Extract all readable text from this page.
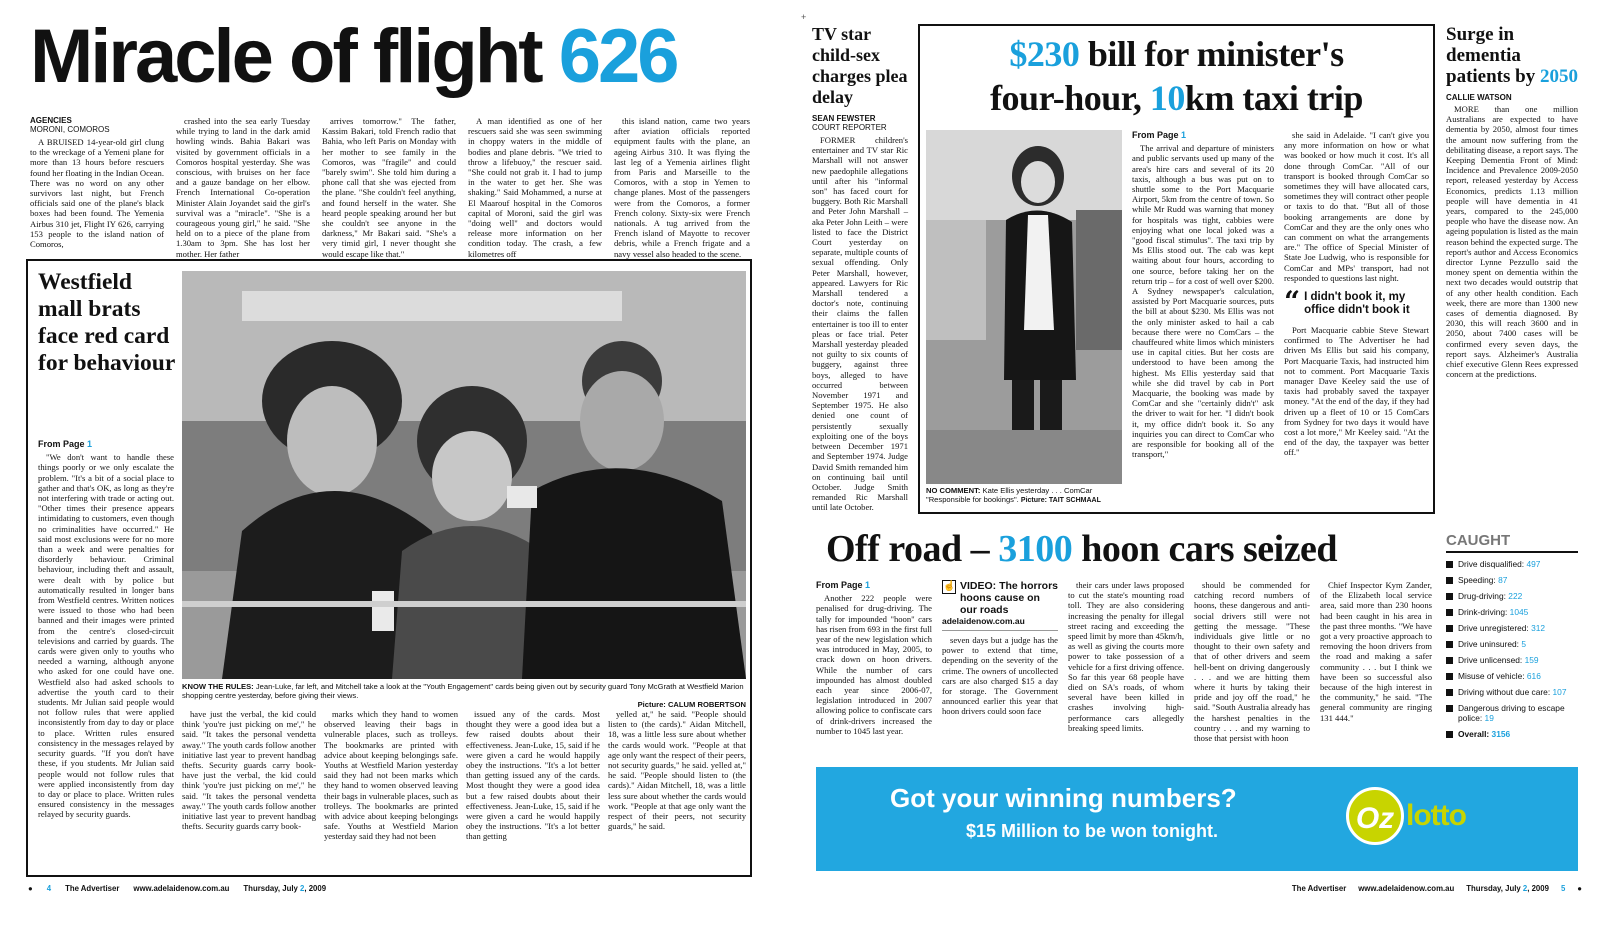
Miracle of flight 626
AGENCIES
MORONI, COMOROS

A BRUISED 14-year-old girl clung to the wreckage of a Yemeni plane for more than 13 hours before rescuers found her floating in the Indian Ocean. There was no word on any other survivors last night, but French officials said one of the plane's black boxes had been found. The Yemenia Airbus 310 jet, Flight IY 626, carrying 153 people to the island nation of Comoros,

crashed into the sea early Tuesday while trying to land in the dark amid howling winds. Bahia Bakari was visited by government officials in a Comoros hospital yesterday. She was conscious, with bruises on her face and a gauze bandage on her elbow. French International Co-operation Minister Alain Joyandet said the girl's survival was a "miracle". "She is a courageous young girl," he said. "She held on to a piece of the plane from 1.30am to 3pm. She has lost her mother. Her father

arrives tomorrow." The father, Kassim Bakari, told French radio that Bahia, who left Paris on Monday with her mother to see family in the Comoros, was "fragile" and could "barely swim". She told him during a phone call that she was ejected from the plane. "She couldn't feel anything, and found herself in the water. She heard people speaking around her but she couldn't see anyone in the darkness," Mr Bakari said. "She's a very timid girl, I never thought she would escape like that."

A man identified as one of her rescuers said she was seen swimming in choppy waters in the middle of bodies and plane debris. "We tried to throw a lifebuoy," the rescuer said. "She could not grab it. I had to jump in the water to get her. She was shaking." Said Mohammed, a nurse at El Maarouf hospital in the Comoros capital of Moroni, said the girl was "doing well" and doctors would release more information on her condition today. The crash, a few kilometres off

this island nation, came two years after aviation officials reported equipment faults with the plane, an ageing Airbus 310. It was flying the last leg of a Yemenia airlines flight from Paris and Marseille to the Comoros, with a stop in Yemen to change planes. Most of the passengers were from the Comoros, a former French colony. Sixty-six were French nationals. A tug arrived from the French island of Mayotte to recover debris, while a French frigate and a navy vessel also headed to the scene.

Westfield mall brats face red card for behaviour
From Page 1

"We don't want to handle these things poorly or we only escalate the problem. "It's a bit of a social place to gather and that's OK, as long as they're not interfering with trade or acting out. "Other times their presence appears intimidating to customers, even though no criminalities have occurred." He said most exclusions were for no more than a week and were penalties for disorderly behaviour. Criminal behaviour, including theft and assault, were dealt with by police but automatically resulted in longer bans from Westfield centres. Written notices were issued to those who had been banned and their images were printed from the centre's closed-circuit televisions and carried by guards. The cards were given only to youths who needed a warning, although anyone who asked for one could have one. Westfield also had asked schools to advertise the youth card to their students. Mr Julian said people would not follow rules that were applied inconsistently from day to day or place to place. Written rules ensured consistency in the messages relayed by security guards. "If you don't have these, if you students. Mr Julian said people would not follow rules that were applied inconsistently from day to day or place to place. Written rules ensured consistency in the messages relayed by security guards.

KNOW THE RULES: Jean-Luke, far left, and Mitchell take a look at the "Youth Engagement" cards being given out by security guard Tony McGrath at Westfield Marion shopping centre yesterday, before giving their views.
Picture: CALUM ROBERTSON

have just the verbal, the kid could think 'you're just picking on me'," he said. "It takes the personal vendetta away." The youth cards follow another initiative last year to prevent handbag thefts. Security guards carry book- have just the verbal, the kid could think 'you're just picking on me'," he said. "It takes the personal vendetta away." The youth cards follow another initiative last year to prevent handbag thefts. Security guards carry book-

marks which they hand to women observed leaving their bags in vulnerable places, such as trolleys. The bookmarks are printed with advice about keeping belongings safe. Youths at Westfield Marion yesterday said they had not been marks which they hand to women observed leaving their bags in vulnerable places, such as trolleys. The bookmarks are printed with advice about keeping belongings safe. Youths at Westfield Marion yesterday said they had not been

issued any of the cards. Most thought they were a good idea but a few raised doubts about their effectiveness. Jean-Luke, 15, said if he were given a card he would happily obey the instructions. "It's a lot better than getting issued any of the cards. Most thought they were a good idea but a few raised doubts about their effectiveness. Jean-Luke, 15, said if he were given a card he would happily obey the instructions. "It's a lot better than getting

yelled at," he said. "People should listen to (the cards)." Aidan Mitchell, 18, was a little less sure about whether the cards would work. "People at that age only want the respect of their peers, not security guards," he said. yelled at," he said. "People should listen to (the cards)." Aidan Mitchell, 18, was a little less sure about whether the cards would work. "People at that age only want the respect of their peers, not security guards," he said.

● 4 The Advertiser www.adelaidenow.com.au Thursday, July 2, 2009
+
TV star child-sex charges plea delay
SEAN FEWSTER
COURT REPORTER

FORMER children's entertainer and TV star Ric Marshall will not answer new paedophile allegations until after his "informal son" has faced court for buggery. Both Ric Marshall and Peter John Marshall – aka Peter John Leith – were listed to face the District Court yesterday on separate, multiple counts of sexual offending. Only Peter Marshall, however, appeared. Lawyers for Ric Marshall tendered a doctor's note, continuing their claims the fallen entertainer is too ill to enter pleas or face trial. Peter Marshall yesterday pleaded not guilty to six counts of buggery, against three boys, alleged to have occurred between November 1971 and September 1975. He also denied one count of persistently sexually exploiting one of the boys between December 1971 and September 1974. Judge David Smith remanded him on continuing bail until October. Judge Smith remanded Ric Marshall until late October.

$230 bill for minister's
four-hour, 10km taxi trip
NO COMMENT: Kate Ellis yesterday . . . ComCar "Responsible for bookings". Picture: TAIT SCHMAAL
From Page 1

The arrival and departure of ministers and public servants used up many of the area's hire cars and several of its 20 taxis, although a bus was put on to shuttle some to the Port Macquarie Airport, 5km from the centre of town. So while Mr Rudd was warning that money for hospitals was tight, cabbies were enjoying what one local joked was a "good fiscal stimulus". The taxi trip by Ms Ellis stood out. The cab was kept waiting about four hours, according to one source, before taking her on the return trip – for a cost of well over $200. A Sydney newspaper's calculation, assisted by Port Macquarie sources, puts the bill at about $230. Ms Ellis was not the only minister asked to hail a cab because there were no ComCars – the chauffeured white limos which ministers use in capital cities. But her costs are understood to have been among the highest. Ms Ellis yesterday said that while she did travel by cab in Port Macquarie, the booking was made by ComCar and she "certainly didn't" ask the driver to wait for her. "I didn't book it, my office didn't book it. So any inquiries you can direct to ComCar who are responsible for booking all of the transport,"

she said in Adelaide. "I can't give you any more information on how or what was booked or how much it cost. It's all done through ComCar. "All of our transport is booked through ComCar so sometimes they will have allocated cars, sometimes they will contract other people or taxis to do that. "But all of those booking arrangements are done by ComCar and they are the only ones who can comment on what the arrangements are." The office of Special Minister of State Joe Ludwig, who is responsible for ComCar and MPs' transport, had not responded to questions last night.

“ I didn't book it, my office didn't book it

Port Macquarie cabbie Steve Stewart confirmed to The Advertiser he had driven Ms Ellis but said his company, Port Macquarie Taxis, had instructed him not to comment. Port Macquarie Taxis manager Dave Keeley said the use of taxis had probably saved the taxpayer money. "At the end of the day, if they had driven up a fleet of 10 or 15 ComCars from Sydney for two days it would have cost a lot more," Mr Keeley said. "At the end of the day, the taxpayer was better off."

Surge in dementia patients by 2050
CALLIE WATSON

MORE than one million Australians are expected to have dementia by 2050, almost four times the amount now suffering from the debilitating disease, a report says. The Keeping Dementia Front of Mind: Incidence and Prevalence 2009-2050 report, released yesterday by Access Economics, predicts 1.13 million people will have dementia in 41 years, compared to the 245,000 people who have the disease now. An ageing population is listed as the main reason behind the expected surge. The report's author and Access Economics director Lynne Pezzullo said the money spent on dementia within the next two decades would outstrip that of any other health condition. Each week, there are more than 1300 new cases of dementia diagnosed. By 2030, this will reach 3600 and in 2050, about 7400 cases will be confirmed every seven days, the report says. Alzheimer's Australia chief executive Glenn Rees expressed concern at the predictions.

Off road – 3100 hoon cars seized
From Page 1

Another 222 people were penalised for drug-driving. The tally for impounded "hoon" cars has risen from 693 in the first full year of the new legislation which was introduced in May, 2005, to crack down on hoon drivers. While the number of cars impounded has almost doubled each year since 2006-07, legislation introduced in 2007 allowing police to confiscate cars of drink-drivers increased the number to 1045 last year.

☝ VIDEO: The horrors hoons cause on our roads
adelaidenow.com.au

seven days but a judge has the power to extend that time, depending on the severity of the crime. The owners of uncollected cars are also charged $15 a day for storage. The Government announced earlier this year that hoon drivers could soon face

their cars under laws proposed to cut the state's mounting road toll. They are also considering increasing the penalty for illegal street racing and exceeding the speed limit by more than 45km/h, as well as giving the courts more power to take possession of a vehicle for a first driving offence. So far this year 68 people have died on SA's roads, of whom several have been killed in crashes involving high-performance cars allegedly breaking speed limits.

should be commended for catching record numbers of hoons, these dangerous and anti-social drivers still were not getting the message. "These individuals give little or no thought to their own safety and that of other drivers and seem hell-bent on driving dangerously . . . and we are hitting them where it hurts by taking their pride and joy off the road," he said. "South Australia already has the harshest penalties in the country . . . and my warning to those that persist with hoon

Chief Inspector Kym Zander, of the Elizabeth local service area, said more than 230 hoons had been caught in his area in the past three months. "We have got a very proactive approach to removing the hoon drivers from the road and making a safer community . . . but I think we have been so successful also because of the high interest in the community," he said. "The general community are ringing 131 444."

CAUGHT
Drive disqualified: 497
Speeding: 87
Drug-driving: 222
Drink-driving: 1045
Drive unregistered: 312
Drive uninsured: 5
Drive unlicensed: 159
Misuse of vehicle: 616
Driving without due care: 107
Dangerous driving to escape police: 19
Overall: 3156
Got your winning numbers?
$15 Million to be won tonight.	Oz lotto
The Advertiser www.adelaidenow.com.au Thursday, July 2, 2009 5 ●
